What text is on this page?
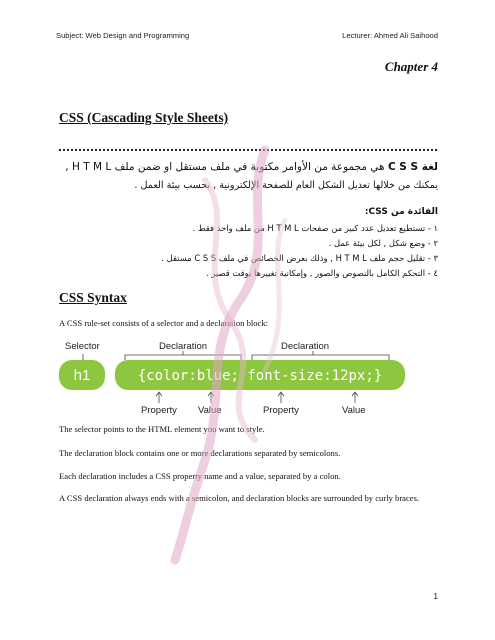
Subject: Web Design and Programming	Lecturer: Ahmed Ali Saihood
Chapter 4
CSS (Cascading Style Sheets)
لغة C S S هي مجموعة من الأوامر مكتوبة في ملف مستقل او ضمن ملف H T M L ,
يمكنك من خلالها تعديل الشكل العام للصفحة الإلكترونية , بحسب بيئة العمل .
الفائدة من CSS:
١ - تستطيع تعديل عدد كبير من صفحات H T M L من ملف واحد فقط .
٢ - وضع شكل , لكل بيئة عمل .
٣ - تقليل حجم ملف H T M L , وذلك بعرض الخصائص في ملف C S S مستقل .
٤ - التحكم الكامل بالنصوص والصور , وإمكانية تغييرها بوقت قصير .
CSS Syntax
A CSS rule-set consists of a selector and a declaration block:
Selector	Declaration	Declaration
h1	{color:blue; font-size:12px;}
Property Value	Property	Value
The selector points to the HTML element you want to style.
The declaration block contains one or more declarations separated by semicolons.
Each declaration includes a CSS property name and a value, separated by a colon.
A CSS declaration always ends with a semicolon, and declaration blocks are surrounded by curly braces.
1
